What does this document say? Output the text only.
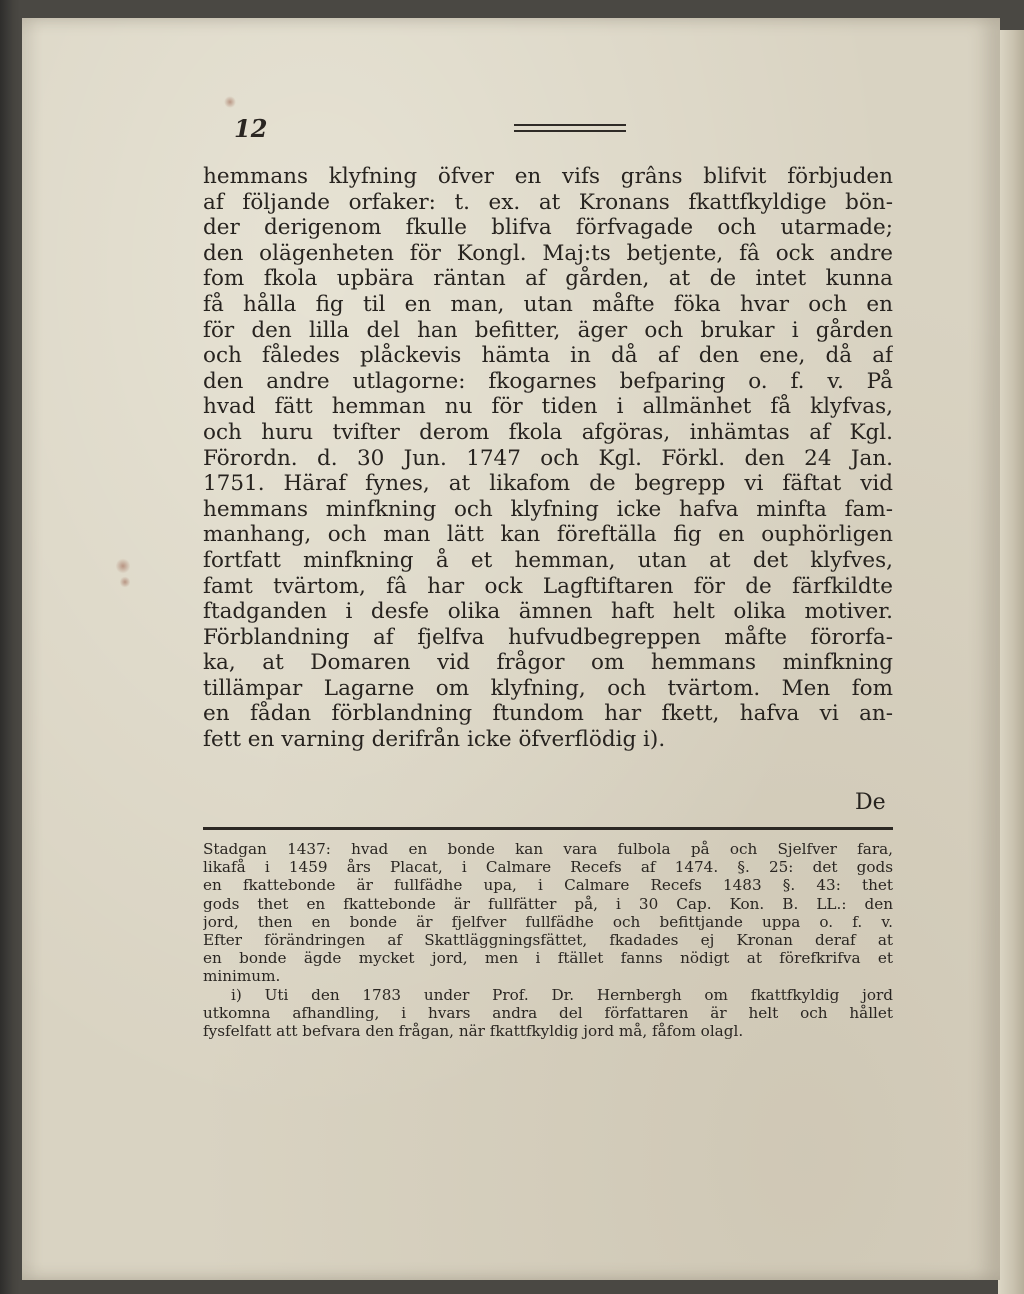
12
hemmans klyfning öfver en vifs grâns blifvit förbjuden
af följande orfaker: t. ex. at Kronans fkattfkyldige bön-
der derigenom fkulle blifva förfvagade och utarmade;
den olägenheten för Kongl. Maj:ts betjente, fâ ock andre
fom fkola upbära räntan af gården, at de intet kunna
få hålla fig til en man, utan måfte föka hvar och en
för den lilla del han befitter, äger och brukar i gården
och fåledes plåckevis hämta in då af den ene, då af
den andre utlagorne: fkogarnes befparing o. f. v. På
hvad fätt hemman nu för tiden i allmänhet få klyfvas,
och huru tvifter derom fkola afgöras, inhämtas af Kgl.
Förordn. d. 30 Jun. 1747 och Kgl. Förkl. den 24 Jan.
1751. Häraf fynes, at likafom de begrepp vi fäftat vid
hemmans minfkning och klyfning icke hafva minfta fam-
manhang, och man lätt kan föreftälla fig en ouphörligen
fortfatt minfkning å et hemman, utan at det klyfves,
famt tvärtom, fâ har ock Lagftiftaren för de färfkildte
ftadganden i desfe olika ämnen haft helt olika motiver.
Förblandning af fjelfva hufvudbegreppen måfte förorfa-
ka, at Domaren vid frågor om hemmans minfkning
tillämpar Lagarne om klyfning, och tvärtom. Men fom
en fådan förblandning ftundom har fkett, hafva vi an-
fett en varning derifrån icke öfverflödig i).
De
Stadgan 1437: hvad en bonde kan vara fulbola på och Sjelfver fara,
likafå i 1459 års Placat, i Calmare Recefs af 1474. §. 25: det gods
en fkattebonde är fullfädhe upa, i Calmare Recefs 1483 §. 43: thet
gods thet en fkattebonde är fullfätter på, i 30 Cap. Kon. B. LL.: den
jord, then en bonde är fjelfver fullfädhe och befittjande uppa o. f. v.
Efter förändringen af Skattläggningsfättet, fkadades ej Kronan deraf at
en bonde ägde mycket jord, men i ftället fanns nödigt at förefkrifva et
minimum.
i) Uti den 1783 under Prof. Dr. Hernbergh om fkattfkyldig jord
utkomna afhandling, i hvars andra del författaren är helt och hållet
fysfelfatt att befvara den frågan, när fkattfkyldig jord må, fåfom olagl.
